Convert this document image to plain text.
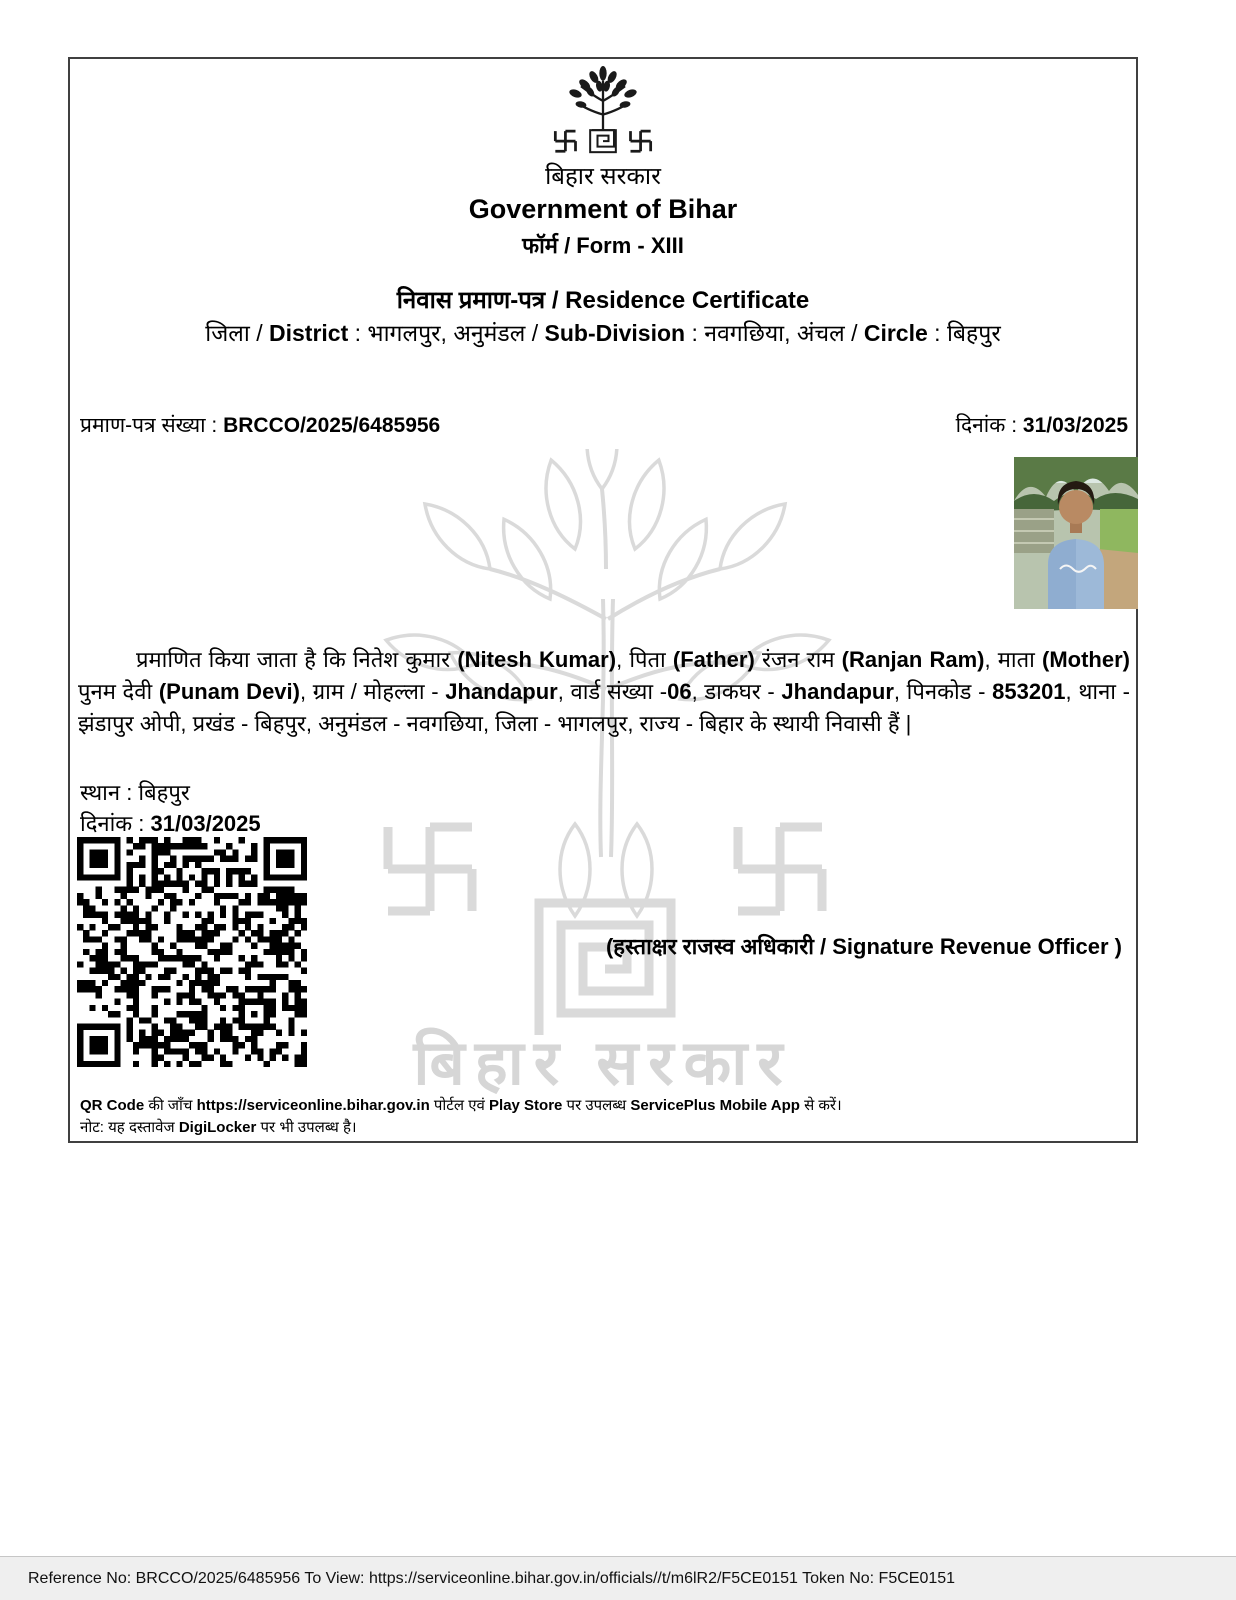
बिहार सरकार
बिहार सरकार
Government of Bihar
फॉर्म / Form - XIII
निवास प्रमाण-पत्र / Residence Certificate
जिला / District : भागलपुर, अनुमंडल / Sub-Division : नवगछिया, अंचल / Circle : बिहपुर
प्रमाण-पत्र संख्या : BRCCO/2025/6485956	दिनांक : 31/03/2025

प्रमाणित किया जाता है कि नितेश कुमार (Nitesh Kumar), पिता (Father) रंजन राम (Ranjan Ram), माता (Mother) पुनम देवी (Punam Devi), ग्राम / मोहल्ला - Jhandapur, वार्ड संख्या -06, डाकघर - Jhandapur, पिनकोड - 853201, थाना - झंडापुर ओपी, प्रखंड - बिहपुर, अनुमंडल - नवगछिया, जिला - भागलपुर, राज्य - बिहार के स्थायी निवासी हैं |

स्थान : बिहपुर
दिनांक : 31/03/2025
(हस्ताक्षर राजस्व अधिकारी / Signature Revenue Officer )
QR Code की जाँच https://serviceonline.bihar.gov.in पोर्टल एवं Play Store पर उपलब्ध ServicePlus Mobile App से करें।
नोट: यह दस्तावेज DigiLocker पर भी उपलब्ध है।
Reference No: BRCCO/2025/6485956 To View: https://serviceonline.bihar.gov.in/officials//t/m6lR2/F5CE0151 Token No: F5CE0151
